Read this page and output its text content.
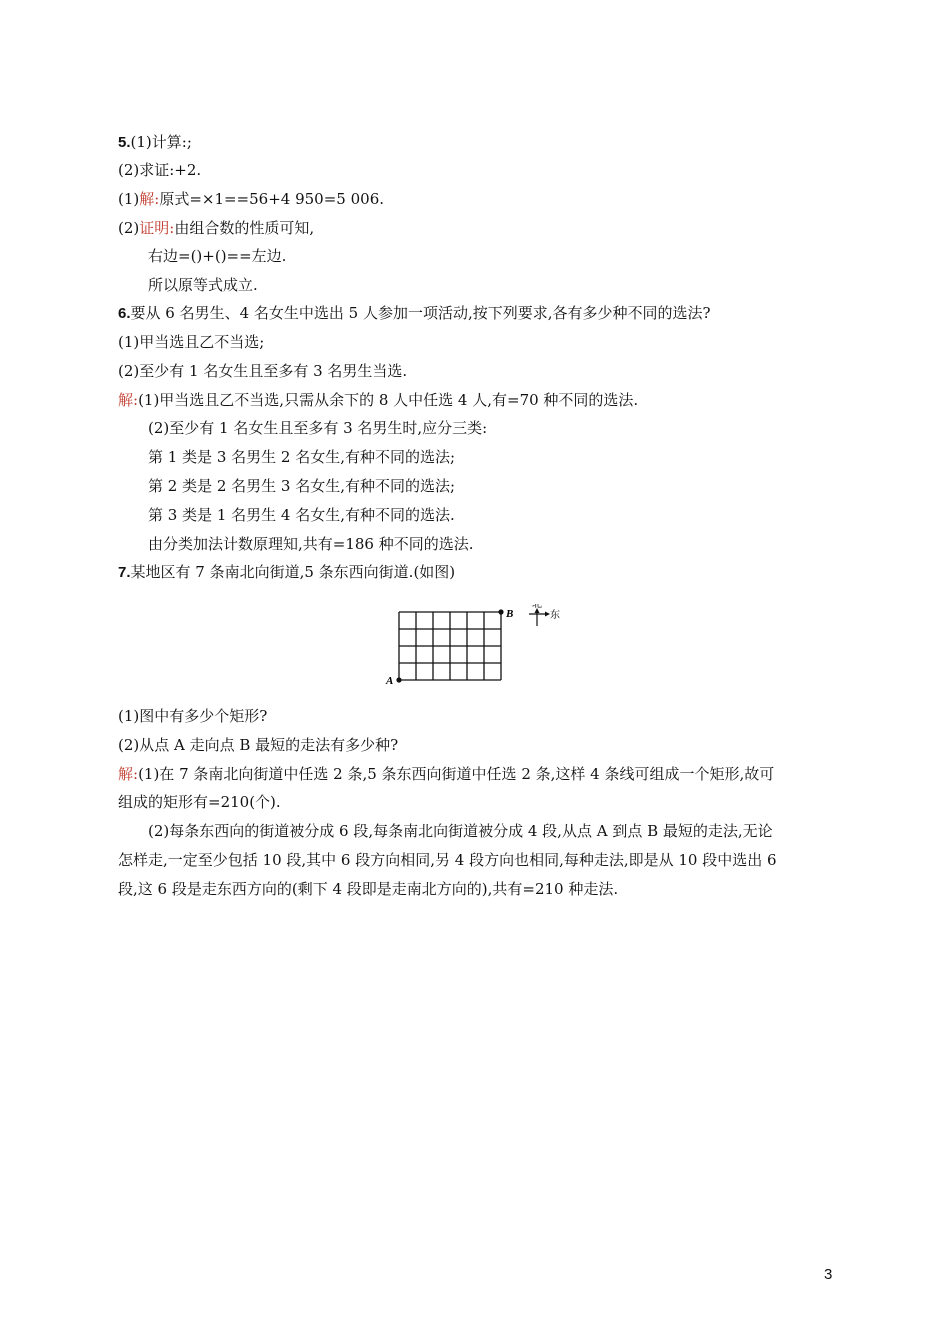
5.(1)计算:;
(2)求证:+2.
(1)解:原式=×1==56+4 950=5 006.
(2)证明:由组合数的性质可知,
右边=()+()==左边.
所以原等式成立.
6.要从 6 名男生、4 名女生中选出 5 人参加一项活动,按下列要求,各有多少种不同的选法?
(1)甲当选且乙不当选;
(2)至少有 1 名女生且至多有 3 名男生当选.
解:(1)甲当选且乙不当选,只需从余下的 8 人中任选 4 人,有=70 种不同的选法.
(2)至少有 1 名女生且至多有 3 名男生时,应分三类:
第 1 类是 3 名男生 2 名女生,有种不同的选法;
第 2 类是 2 名男生 3 名女生,有种不同的选法;
第 3 类是 1 名男生 4 名女生,有种不同的选法.
由分类加法计数原理知,共有=186 种不同的选法.
7.某地区有 7 条南北向街道,5 条东西向街道.(如图)
A
B
北
东
(1)图中有多少个矩形?
(2)从点 A 走向点 B 最短的走法有多少种?
解:(1)在 7 条南北向街道中任选 2 条,5 条东西向街道中任选 2 条,这样 4 条线可组成一个矩形,故可
组成的矩形有=210(个).
(2)每条东西向的街道被分成 6 段,每条南北向街道被分成 4 段,从点 A 到点 B 最短的走法,无论
怎样走,一定至少包括 10 段,其中 6 段方向相同,另 4 段方向也相同,每种走法,即是从 10 段中选出 6
段,这 6 段是走东西方向的(剩下 4 段即是走南北方向的),共有=210 种走法.
3
